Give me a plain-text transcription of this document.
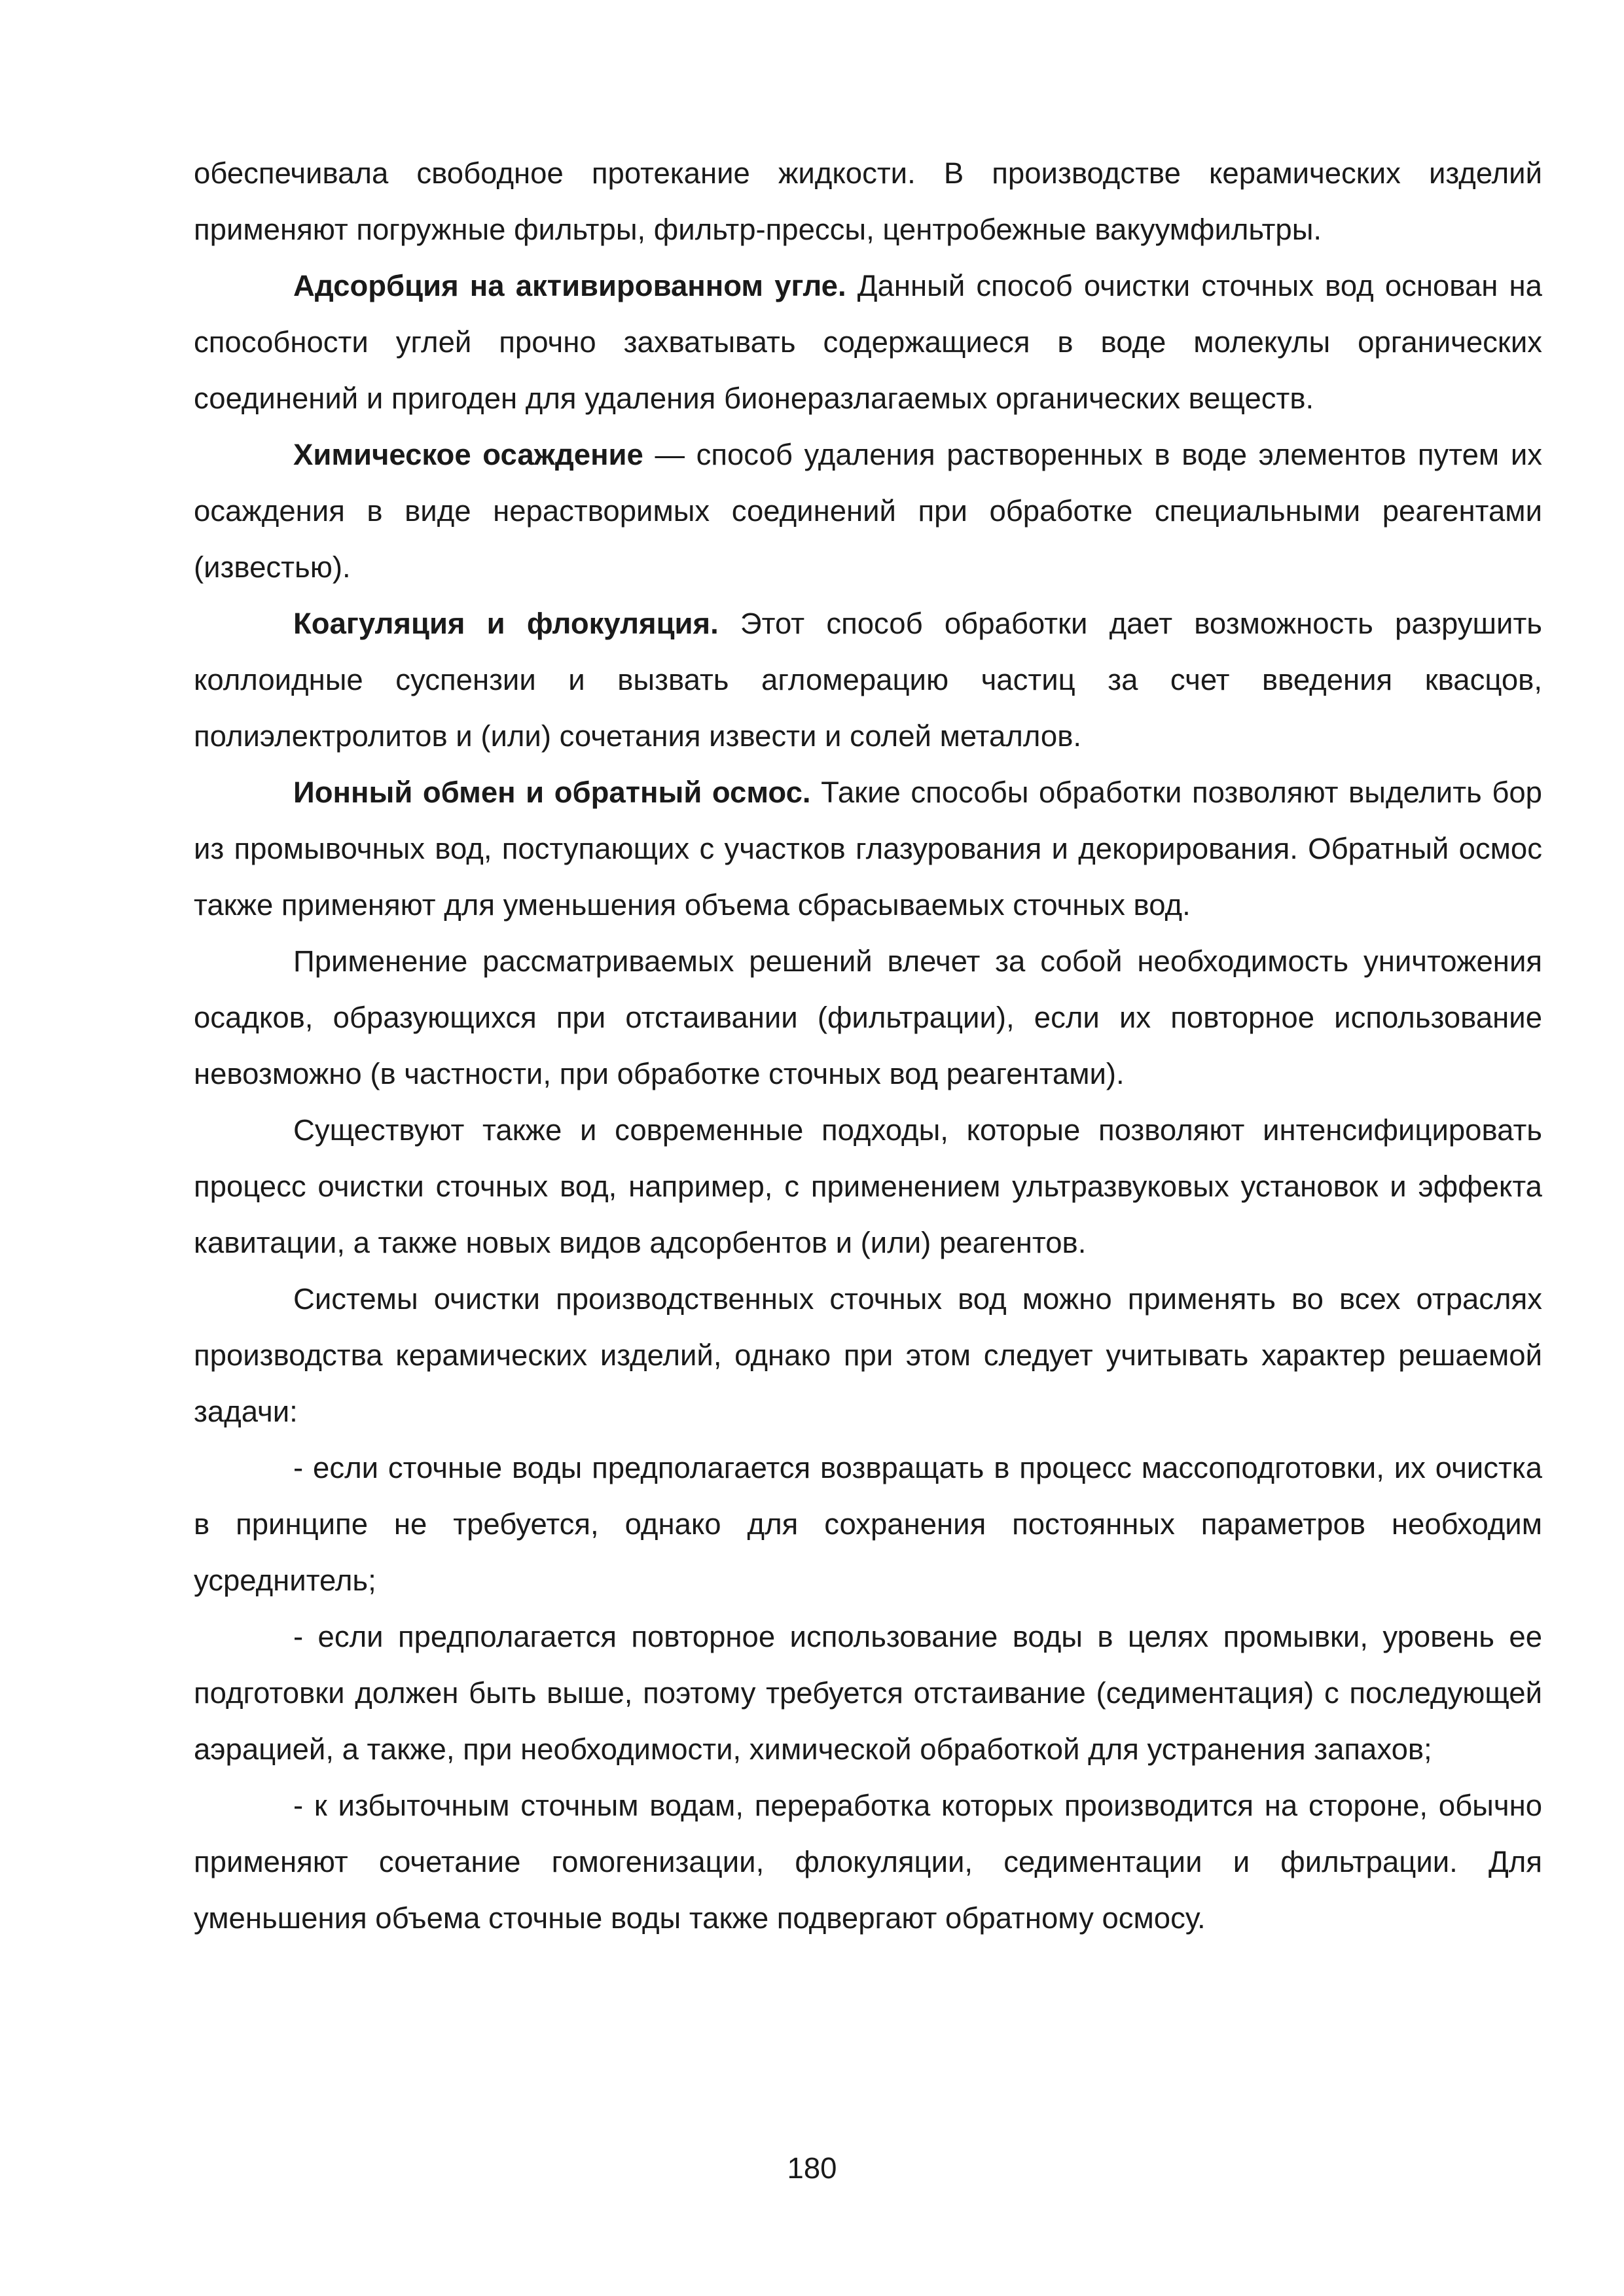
обеспечивала свободное протекание жидкости. В производстве керамических изделий применяют погружные фильтры, фильтр-прессы, центробежные вакуумфильтры.

Адсорбция на активированном угле. Данный способ очистки сточных вод основан на способности углей прочно захватывать содержащиеся в воде молекулы органических соединений и пригоден для удаления бионеразлагаемых органических веществ.

Химическое осаждение — способ удаления растворенных в воде элементов путем их осаждения в виде нерастворимых соединений при обработке специальными реагентами (известью).

Коагуляция и флокуляция. Этот способ обработки дает возможность разрушить коллоидные суспензии и вызвать агломерацию частиц за счет введения квасцов, полиэлектролитов и (или) сочетания извести и солей металлов.

Ионный обмен и обратный осмос. Такие способы обработки позволяют выделить бор из промывочных вод, поступающих с участков глазурования и декорирования. Обратный осмос также применяют для уменьшения объема сбрасываемых сточных вод.

Применение рассматриваемых решений влечет за собой необходимость уничтожения осадков, образующихся при отстаивании (фильтрации), если их повторное использование невозможно (в частности, при обработке сточных вод реагентами).

Существуют также и современные подходы, которые позволяют интенсифицировать процесс очистки сточных вод, например, с применением ультразвуковых установок и эффекта кавитации, а также новых видов адсорбентов и (или) реагентов.

Системы очистки производственных сточных вод можно применять во всех отраслях производства керамических изделий, однако при этом следует учитывать характер решаемой задачи:

- если сточные воды предполагается возвращать в процесс массоподготовки, их очистка в принципе не требуется, однако для сохранения постоянных параметров необходим усреднитель;

- если предполагается повторное использование воды в целях промывки, уровень ее подготовки должен быть выше, поэтому требуется отстаивание (седиментация) с последующей аэрацией, а также, при необходимости, химической обработкой для устранения запахов;

- к избыточным сточным водам, переработка которых производится на стороне, обычно применяют сочетание гомогенизации, флокуляции, седиментации и фильтрации. Для уменьшения объема сточные воды также подвергают обратному осмосу.

180
